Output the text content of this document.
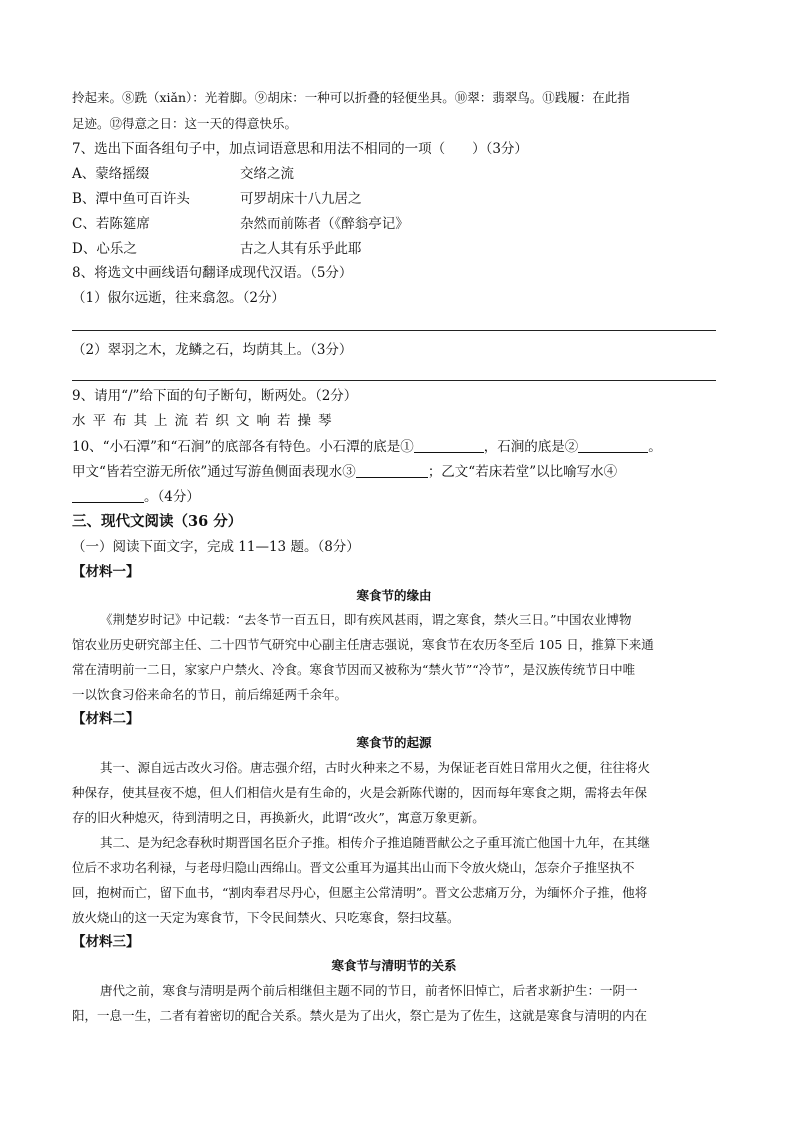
拎起来。⑧跣（xiǎn）：光着脚。⑨胡床：一种可以折叠的轻便坐具。⑩翠：翡翠鸟。⑪践履：在此指
足迹。⑫得意之日：这一天的得意快乐。
7、选出下面各组句子中，加点词语意思和用法不相同的一项（　　）（3分）
A、蒙络摇缀	交络之流
B、潭中鱼可百许头	可罗胡床十八九居之
C、若陈筵席	杂然而前陈者（《醉翁亭记》
D、心乐之	古之人其有乐乎此耶
8、将选文中画线语句翻译成现代汉语。（5分）
（1）俶尔远逝，往来翕忽。（2分）
（2）翠羽之木，龙鳞之石，均荫其上。（3分）
9、请用“/”给下面的句子断句，断两处。（2分）
水平布其上流若织文响若操琴
10、“小石潭”和“石涧”的底部各有特色。小石潭的底是①	，石涧的底是②	。
甲文“皆若空游无所依”通过写游鱼侧面表现水③	；乙文“若床若堂”以比喻写水④
。（4分）
三、现代文阅读（36 分）
（一）阅读下面文字，完成 11—13 题。（8分）
【材料一】
寒食节的缘由
《荆楚岁时记》中记载：“去冬节一百五日，即有疾风甚雨，谓之寒食，禁火三日。”中国农业博物
馆农业历史研究部主任、二十四节气研究中心副主任唐志强说，寒食节在农历冬至后 105 日，推算下来通
常在清明前一二日，家家户户禁火、冷食。寒食节因而又被称为“禁火节”“冷节”，是汉族传统节日中唯
一以饮食习俗来命名的节日，前后绵延两千余年。
【材料二】
寒食节的起源
其一、源自远古改火习俗。唐志强介绍，古时火种来之不易，为保证老百姓日常用火之便，往往将火
种保存，使其昼夜不熄，但人们相信火是有生命的，火是会新陈代谢的，因而每年寒食之期，需将去年保
存的旧火种熄灭，待到清明之日，再换新火，此谓“改火”，寓意万象更新。
其二、是为纪念春秋时期晋国名臣介子推。相传介子推追随晋献公之子重耳流亡他国十九年，在其继
位后不求功名利禄，与老母归隐山西绵山。晋文公重耳为逼其出山而下令放火烧山，怎奈介子推坚执不
回，抱树而亡，留下血书，“割肉奉君尽丹心，但愿主公常清明”。晋文公悲痛万分，为缅怀介子推，他将
放火烧山的这一天定为寒食节，下令民间禁火、只吃寒食，祭扫坟墓。
【材料三】
寒食节与清明节的关系
唐代之前，寒食与清明是两个前后相继但主题不同的节日，前者怀旧悼亡，后者求新护生：一阴一
阳，一息一生，二者有着密切的配合关系。禁火是为了出火，祭亡是为了佐生，这就是寒食与清明的内在
